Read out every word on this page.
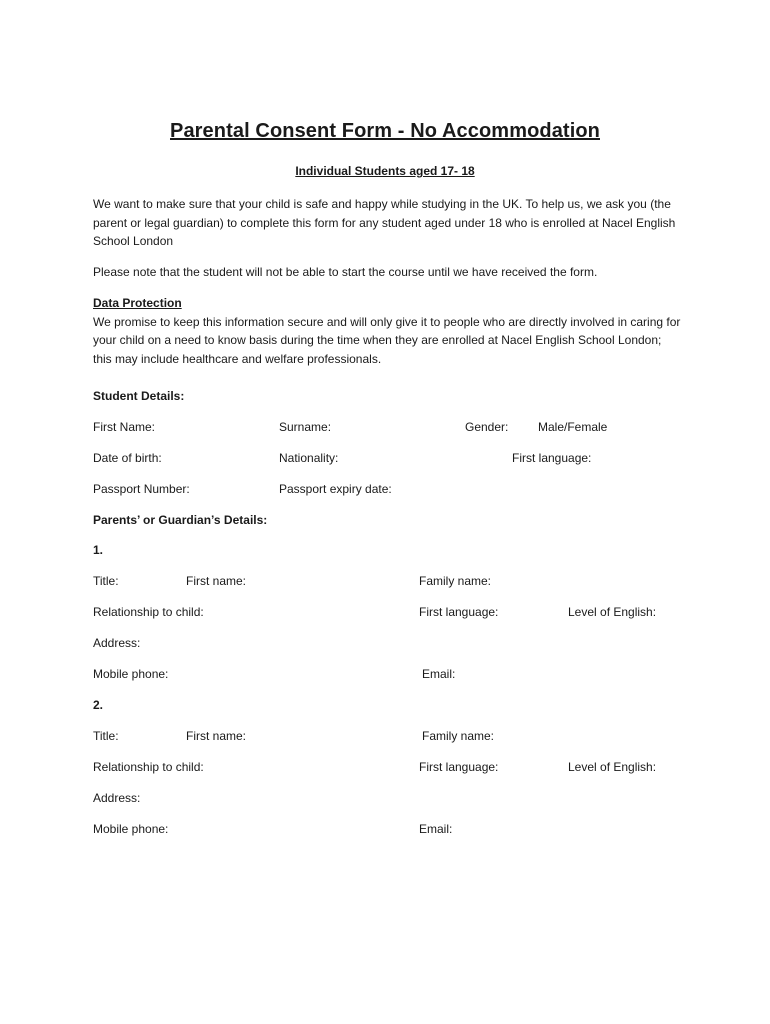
Parental Consent Form - No Accommodation
Individual Students aged 17- 18
We want to make sure that your child is safe and happy while studying in the UK. To help us, we ask you (the parent or legal guardian) to complete this form for any student aged under 18 who is enrolled at Nacel English School London
Please note that the student will not be able to start the course until we have received the form.
Data Protection
We promise to keep this information secure and will only give it to people who are directly involved in caring for your child on a need to know basis during the time when they are enrolled at Nacel English School London; this may include healthcare and welfare professionals.
Student Details:
First Name:	Surname:	Gender: Male/Female
Date of birth:	Nationality:	First language:
Passport Number:	Passport expiry date:
Parents’ or Guardian’s Details:
1.
Title:	First name:	Family name:
Relationship to child:	First language:	Level of English:
Address:
Mobile phone:	Email:
2.
Title:	First name:	Family name:
Relationship to child:	First language:	Level of English:
Address:
Mobile phone:	Email:
